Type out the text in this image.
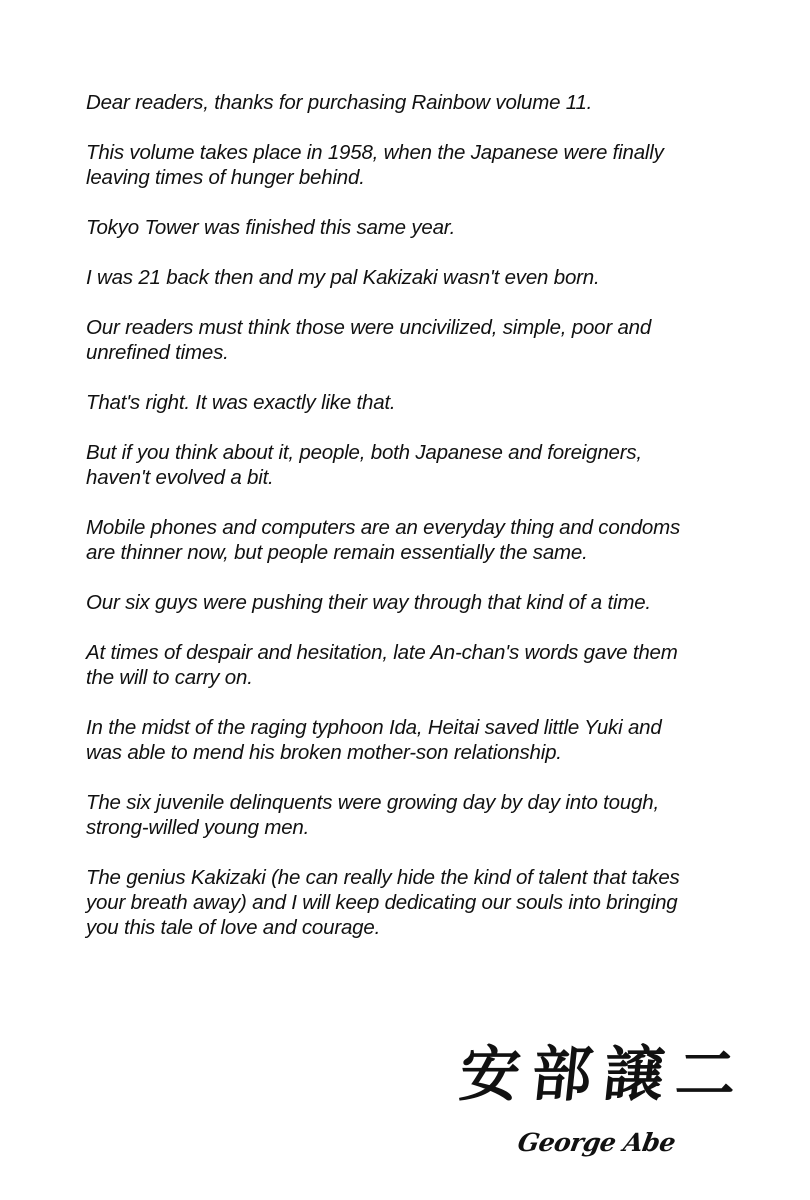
Dear readers, thanks for purchasing Rainbow volume 11.

This volume takes place in 1958, when the Japanese were finally
leaving times of hunger behind.

Tokyo Tower was finished this same year.

I was 21 back then and my pal Kakizaki wasn't even born.

Our readers must think those were uncivilized, simple, poor and
unrefined times.

That's right. It was exactly like that.

But if you think about it, people, both Japanese and foreigners,
haven't evolved a bit.

Mobile phones and computers are an everyday thing and condoms
are thinner now, but people remain essentially the same.

Our six guys were pushing their way through that kind of a time.

At times of despair and hesitation, late An-chan's words gave them
the will to carry on.

In the midst of the raging typhoon Ida, Heitai saved little Yuki and
was able to mend his broken mother-son relationship.

The six juvenile delinquents were growing day by day into tough,
strong-willed young men.

The genius Kakizaki (he can really hide the kind of talent that takes
your breath away) and I will keep dedicating our souls into bringing
you this tale of love and courage.

安部譲二
George Abe
